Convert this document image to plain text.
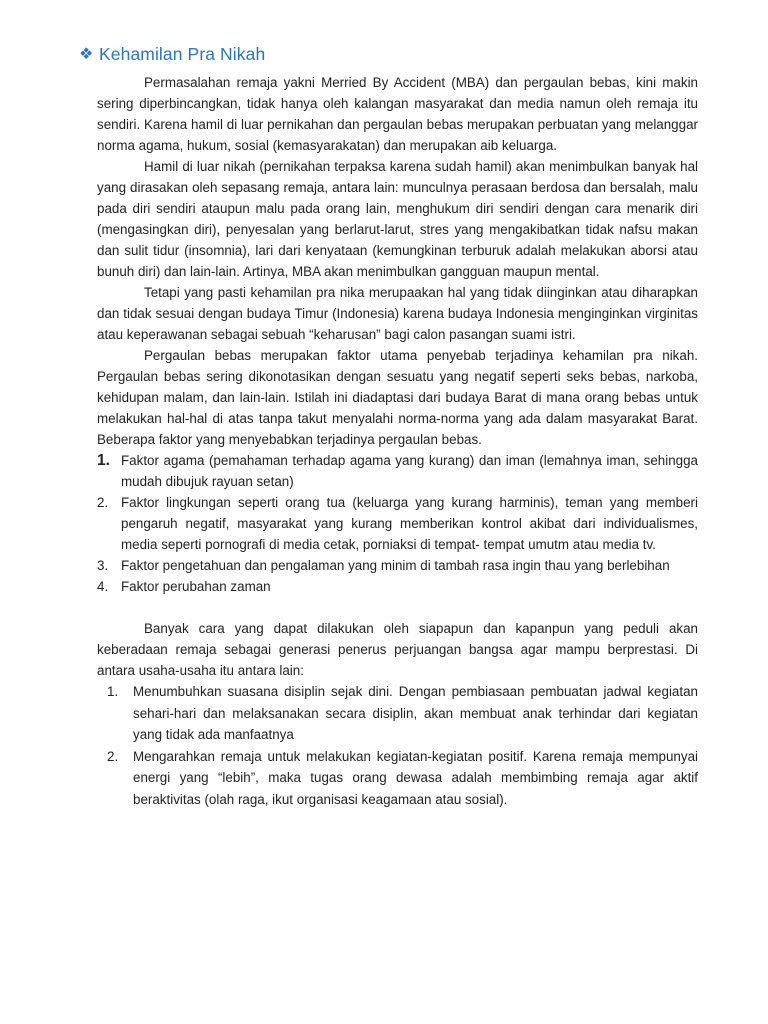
❖ Kehamilan Pra Nikah

Permasalahan remaja yakni Merried By Accident (MBA) dan pergaulan bebas, kini makin sering diperbincangkan, tidak hanya oleh kalangan masyarakat dan media namun oleh remaja itu sendiri. Karena hamil di luar pernikahan dan pergaulan bebas merupakan perbuatan yang melanggar norma agama, hukum, sosial (kemasyarakatan) dan merupakan aib keluarga.

Hamil di luar nikah (pernikahan terpaksa karena sudah hamil) akan menimbulkan banyak hal yang dirasakan oleh sepasang remaja, antara lain: munculnya perasaan berdosa dan bersalah, malu pada diri sendiri ataupun malu pada orang lain, menghukum diri sendiri dengan cara menarik diri (mengasingkan diri), penyesalan yang berlarut-larut, stres yang mengakibatkan tidak nafsu makan dan sulit tidur (insomnia), lari dari kenyataan (kemungkinan terburuk adalah melakukan aborsi atau bunuh diri) dan lain-lain. Artinya, MBA akan menimbulkan gangguan maupun mental.

Tetapi yang pasti kehamilan pra nika merupaakan hal yang tidak diinginkan atau diharapkan dan tidak sesuai dengan budaya Timur (Indonesia) karena budaya Indonesia menginginkan virginitas atau keperawanan sebagai sebuah “keharusan” bagi calon pasangan suami istri.

Pergaulan bebas merupakan faktor utama penyebab terjadinya kehamilan pra nikah. Pergaulan bebas sering dikonotasikan dengan sesuatu yang negatif seperti seks bebas, narkoba, kehidupan malam, dan lain-lain. Istilah ini diadaptasi dari budaya Barat di mana orang bebas untuk melakukan hal-hal di atas tanpa takut menyalahi norma-norma yang ada dalam masyarakat Barat. Beberapa faktor yang menyebabkan terjadinya pergaulan bebas.

1. Faktor agama (pemahaman terhadap agama yang kurang) dan iman (lemahnya iman, sehingga mudah dibujuk rayuan setan)
2. Faktor lingkungan seperti orang tua (keluarga yang kurang harminis), teman yang memberi pengaruh negatif, masyarakat yang kurang memberikan kontrol akibat dari individualismes, media seperti pornografi di media cetak, porniaksi di tempat- tempat umutm atau media tv.
3. Faktor pengetahuan dan pengalaman yang minim di tambah rasa ingin thau yang berlebihan
4. Faktor perubahan zaman

Banyak cara yang dapat dilakukan oleh siapapun dan kapanpun yang peduli akan keberadaan remaja sebagai generasi penerus perjuangan bangsa agar mampu berprestasi. Di antara usaha-usaha itu antara lain:

1. Menumbuhkan suasana disiplin sejak dini. Dengan pembiasaan pembuatan jadwal kegiatan sehari-hari dan melaksanakan secara disiplin, akan membuat anak terhindar dari kegiatan yang tidak ada manfaatnya
2. Mengarahkan remaja untuk melakukan kegiatan-kegiatan positif. Karena remaja mempunyai energi yang “lebih”, maka tugas orang dewasa adalah membimbing remaja agar aktif beraktivitas (olah raga, ikut organisasi keagamaan atau sosial).
